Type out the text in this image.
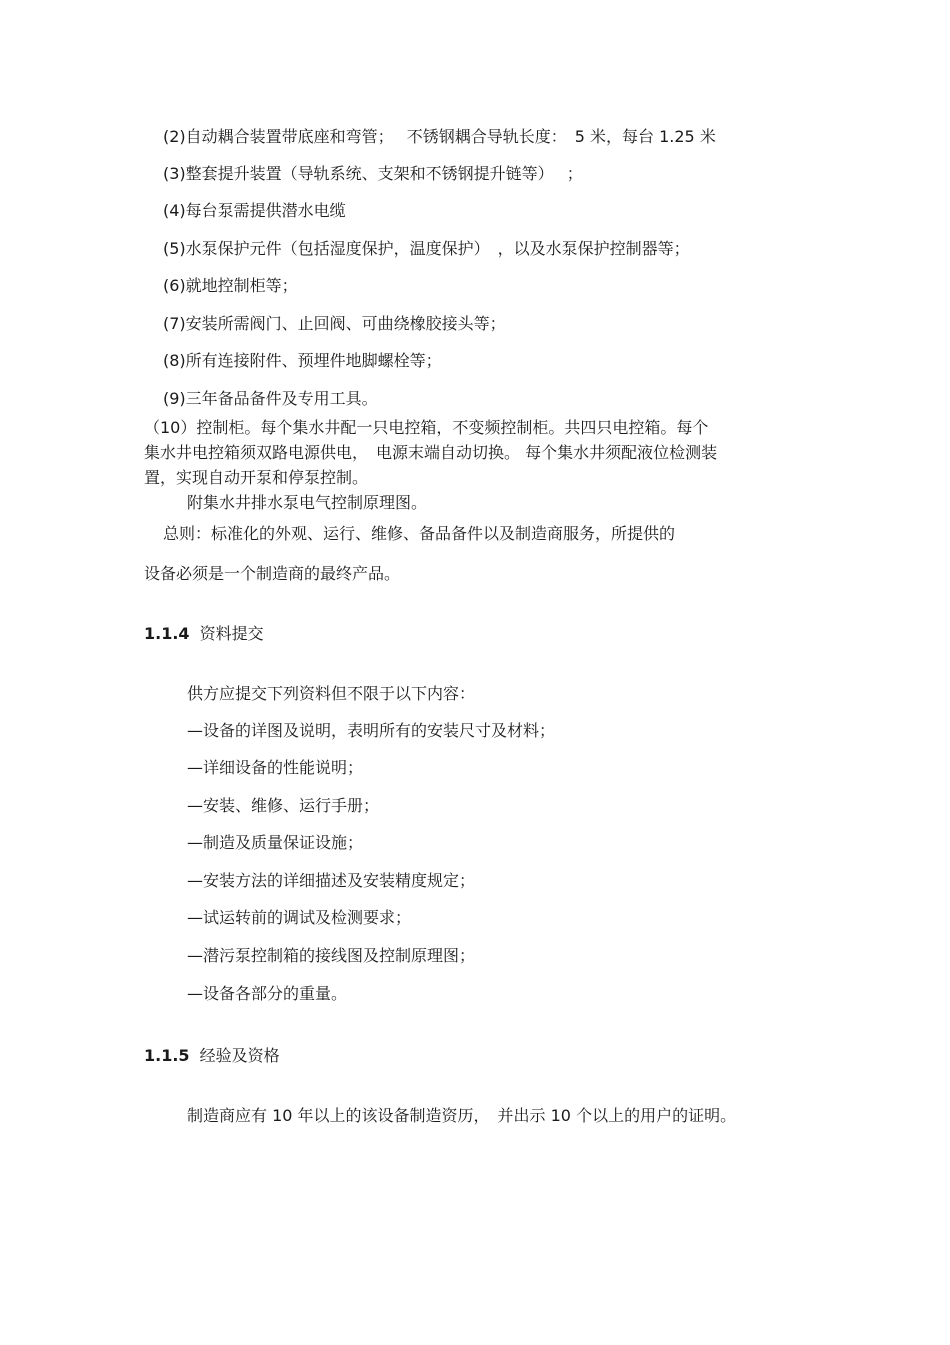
(2)自动耦合装置带底座和弯管；　 不锈钢耦合导轨长度：　5 米，每台 1.25 米
(3)整套提升装置（导轨系统、支架和不锈钢提升链等）　 ；
(4)每台泵需提供潜水电缆
(5)水泵保护元件（包括湿度保护，温度保护）　，以及水泵保护控制器等；
(6)就地控制柜等；
(7)安装所需阀门、止回阀、可曲绕橡胶接头等；
(8)所有连接附件、预埋件地脚螺栓等；
(9)三年备品备件及专用工具。
（10）控制柜。每个集水井配一只电控箱，不变频控制柜。共四只电控箱。每个
集水井电控箱须双路电源供电，　电源末端自动切换。 每个集水井须配液位检测装
置，实现自动开泵和停泵控制。
附集水井排水泵电气控制原理图。
总则：标准化的外观、运行、维修、备品备件以及制造商服务，所提供的
设备必须是一个制造商的最终产品。
1.1.4 资料提交
供方应提交下列资料但不限于以下内容：
—设备的详图及说明，表明所有的安装尺寸及材料；
—详细设备的性能说明；
—安装、维修、运行手册；
—制造及质量保证设施；
—安装方法的详细描述及安装精度规定；
—试运转前的调试及检测要求；
—潜污泵控制箱的接线图及控制原理图；
—设备各部分的重量。
1.1.5 经验及资格
制造商应有 10 年以上的该设备制造资历，　并出示 10 个以上的用户的证明。
